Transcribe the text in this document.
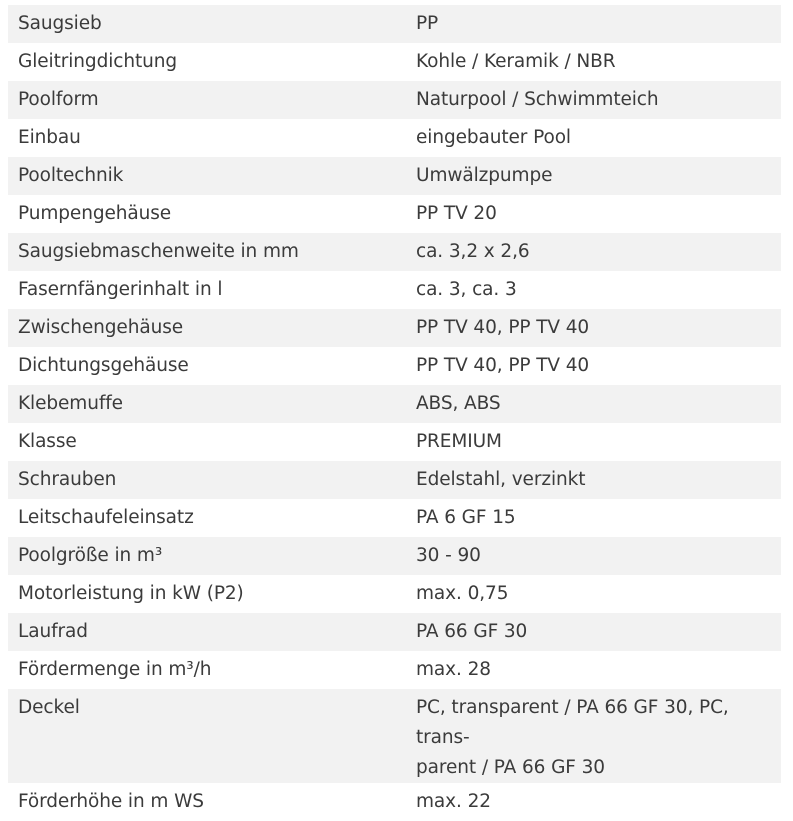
Saugsieb	PP
Gleitringdichtung	Kohle / Keramik / NBR
Poolform	Naturpool / Schwimmteich
Einbau	eingebauter Pool
Pooltechnik	Umwälzpumpe
Pumpengehäuse	PP TV 20
Saugsiebmaschenweite in mm	ca. 3,2 x 2,6
Fasernfängerinhalt in l	ca. 3, ca. 3
Zwischengehäuse	PP TV 40, PP TV 40
Dichtungsgehäuse	PP TV 40, PP TV 40
Klebemuffe	ABS, ABS
Klasse	PREMIUM
Schrauben	Edelstahl, verzinkt
Leitschaufeleinsatz	PA 6 GF 15
Poolgröße in m³	30 - 90
Motorleistung in kW (P2)	max. 0,75
Laufrad	PA 66 GF 30
Fördermenge in m³/h	max. 28
Deckel	PC, transparent / PA 66 GF 30, PC, trans-
parent / PA 66 GF 30
Förderhöhe in m WS	max. 22
